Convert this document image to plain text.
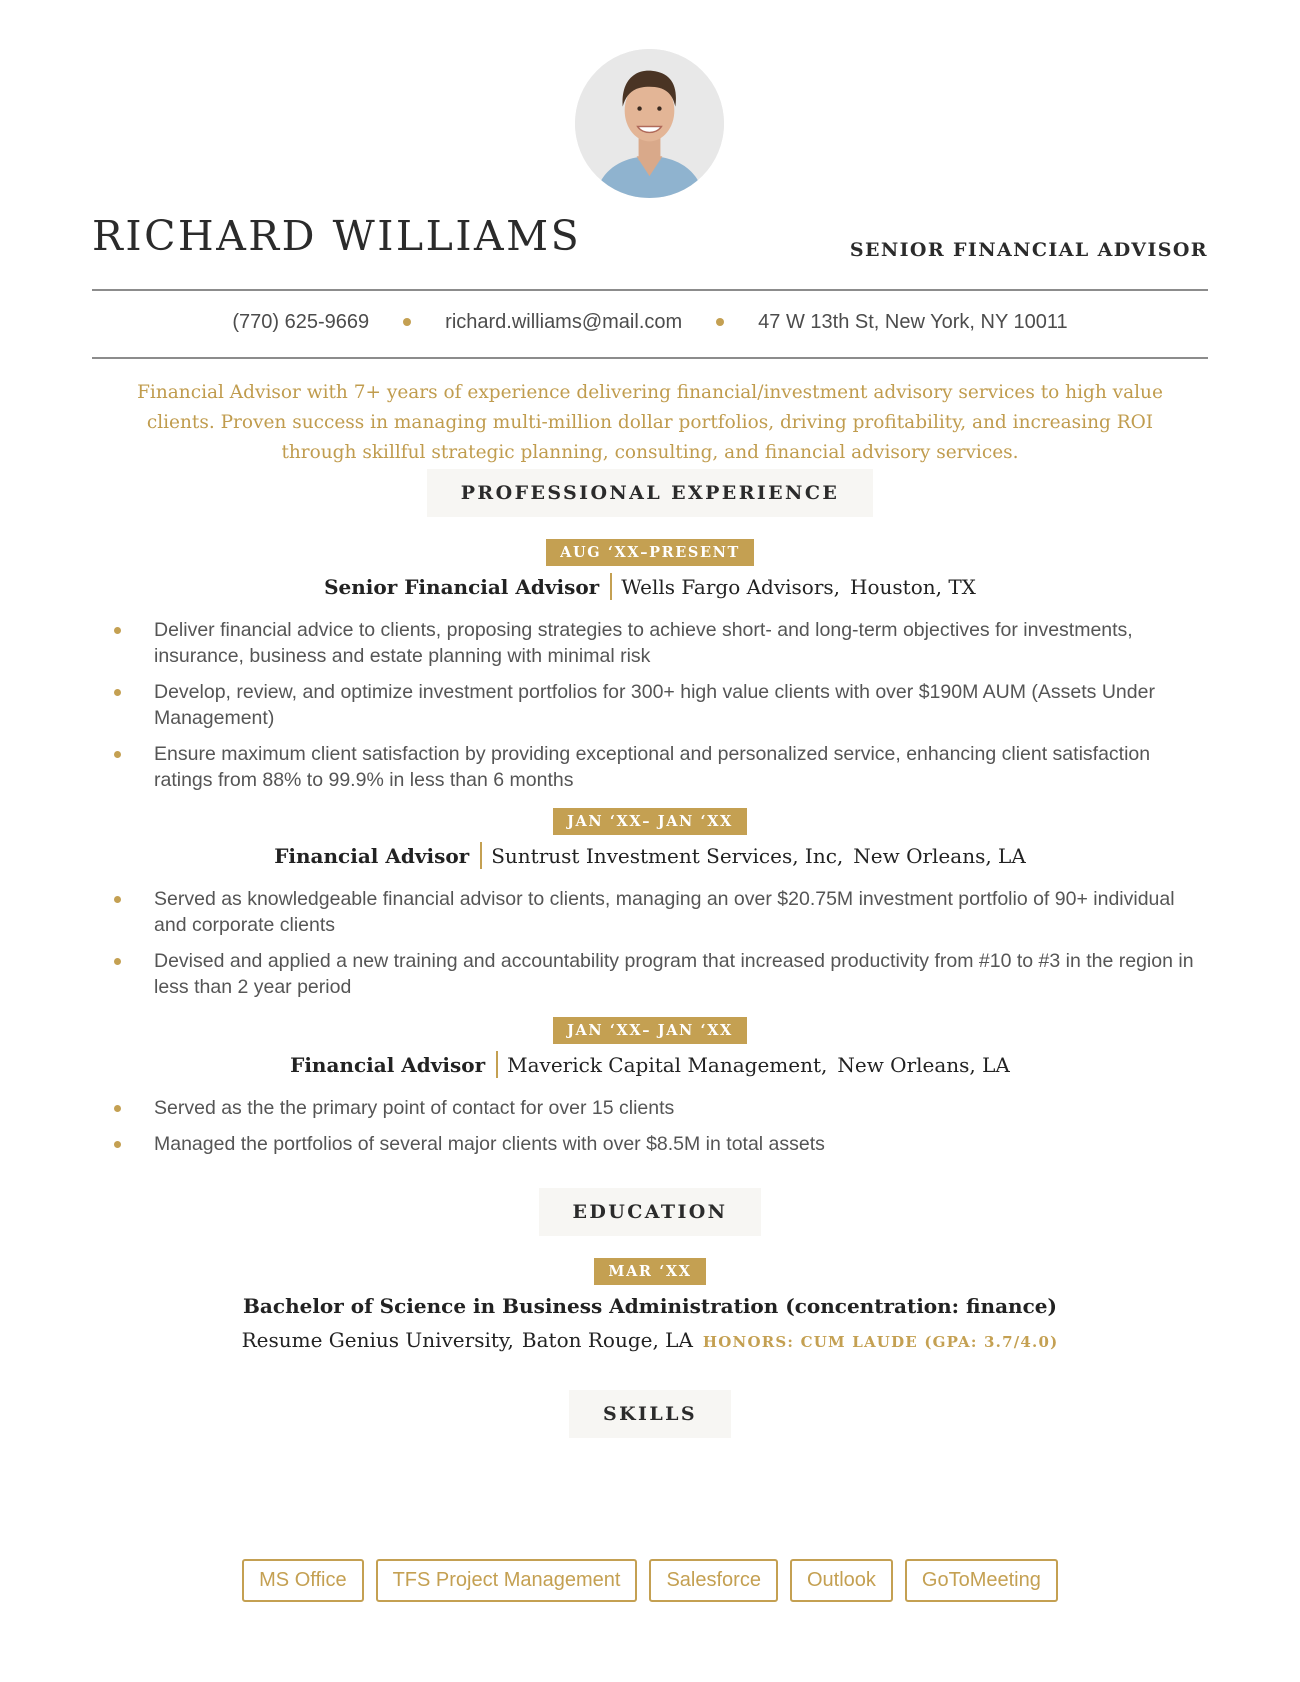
RICHARD WILLIAMS	SENIOR FINANCIAL ADVISOR
(770) 625-9669	richard.williams@mail.com	47 W 13th St, New York, NY 10011
Financial Advisor with 7+ years of experience delivering financial/investment advisory services to high value clients. Proven success in managing multi-million dollar portfolios, driving profitability, and increasing ROI through skillful strategic planning, consulting, and financial advisory services.
PROFESSIONAL EXPERIENCE
AUG ‘XX–PRESENT
Senior Financial Advisor Wells Fargo Advisors, Houston, TX
Deliver financial advice to clients, proposing strategies to achieve short- and long-term objectives for investments, insurance, business and estate planning with minimal risk
Develop, review, and optimize investment portfolios for 300+ high value clients with over $190M AUM (Assets Under Management)
Ensure maximum client satisfaction by providing exceptional and personalized service, enhancing client satisfaction ratings from 88% to 99.9% in less than 6 months
JAN ‘XX– JAN ‘XX
Financial Advisor Suntrust Investment Services, Inc, New Orleans, LA
Served as knowledgeable financial advisor to clients, managing an over $20.75M investment portfolio of 90+ individual and corporate clients
Devised and applied a new training and accountability program that increased productivity from #10 to #3 in the region in less than 2 year period
JAN ‘XX– JAN ‘XX
Financial Advisor Maverick Capital Management, New Orleans, LA
Served as the the primary point of contact for over 15 clients
Managed the portfolios of several major clients with over $8.5M in total assets
EDUCATION
MAR ‘XX
Bachelor of Science in Business Administration (concentration: finance)
Resume Genius University, Baton Rouge, LA HONORS: CUM LAUDE (GPA: 3.7/4.0)
SKILLS
MS Office	TFS Project Management	Salesforce	Outlook	GoToMeeting
